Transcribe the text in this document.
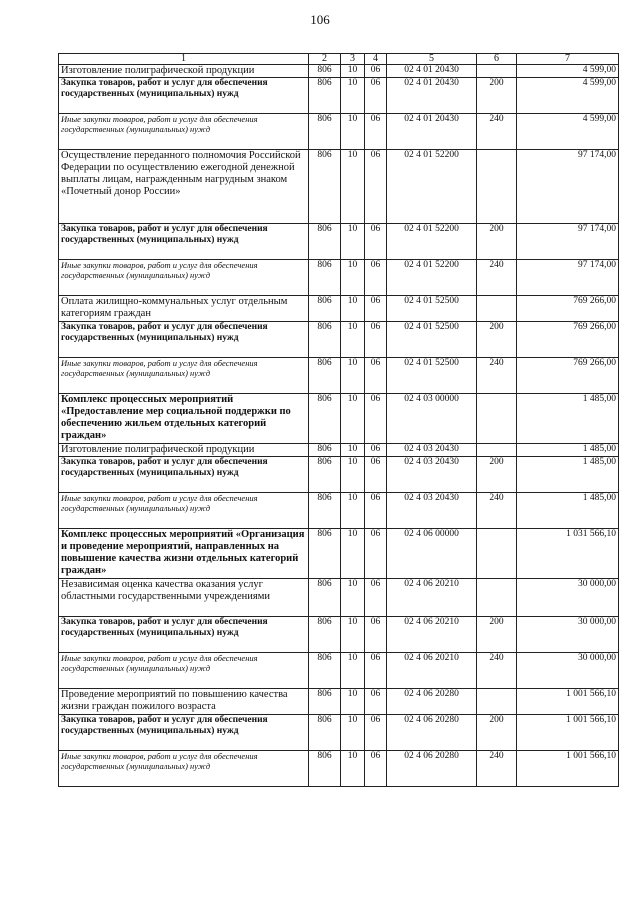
106
1	2	3	4	5	6	7
Изготовление полиграфической продукции	806	10	06	02 4 01 20430		4 599,00
Закупка товаров, работ и услуг для обеспечения государственных (муниципальных) нужд	806	10	06	02 4 01 20430	200	4 599,00
Иные закупки товаров, работ и услуг для обеспечения государственных (муниципальных) нужд	806	10	06	02 4 01 20430	240	4 599,00
Осуществление переданного полномочия Российской Федерации по осуществлению ежегодной денежной выплаты лицам, награжденным нагрудным знаком «Почетный донор России»	806	10	06	02 4 01 52200		97 174,00
Закупка товаров, работ и услуг для обеспечения государственных (муниципальных) нужд	806	10	06	02 4 01 52200	200	97 174,00
Иные закупки товаров, работ и услуг для обеспечения государственных (муниципальных) нужд	806	10	06	02 4 01 52200	240	97 174,00
Оплата жилищно-коммунальных услуг отдельным категориям граждан	806	10	06	02 4 01 52500		769 266,00
Закупка товаров, работ и услуг для обеспечения государственных (муниципальных) нужд	806	10	06	02 4 01 52500	200	769 266,00
Иные закупки товаров, работ и услуг для обеспечения государственных (муниципальных) нужд	806	10	06	02 4 01 52500	240	769 266,00
Комплекс процессных мероприятий «Предоставление мер социальной поддержки по обеспечению жильем отдельных категорий граждан»	806	10	06	02 4 03 00000		1 485,00
Изготовление полиграфической продукции	806	10	06	02 4 03 20430		1 485,00
Закупка товаров, работ и услуг для обеспечения государственных (муниципальных) нужд	806	10	06	02 4 03 20430	200	1 485,00
Иные закупки товаров, работ и услуг для обеспечения государственных (муниципальных) нужд	806	10	06	02 4 03 20430	240	1 485,00
Комплекс процессных мероприятий «Организация и проведение мероприятий, направленных на повышение качества жизни отдельных категорий граждан»	806	10	06	02 4 06 00000		1 031 566,10
Независимая оценка качества оказания услуг областными государственными учреждениями	806	10	06	02 4 06 20210		30 000,00
Закупка товаров, работ и услуг для обеспечения государственных (муниципальных) нужд	806	10	06	02 4 06 20210	200	30 000,00
Иные закупки товаров, работ и услуг для обеспечения государственных (муниципальных) нужд	806	10	06	02 4 06 20210	240	30 000,00
Проведение мероприятий по повышению качества жизни граждан пожилого возраста	806	10	06	02 4 06 20280		1 001 566,10
Закупка товаров, работ и услуг для обеспечения государственных (муниципальных) нужд	806	10	06	02 4 06 20280	200	1 001 566,10
Иные закупки товаров, работ и услуг для обеспечения государственных (муниципальных) нужд	806	10	06	02 4 06 20280	240	1 001 566,10
